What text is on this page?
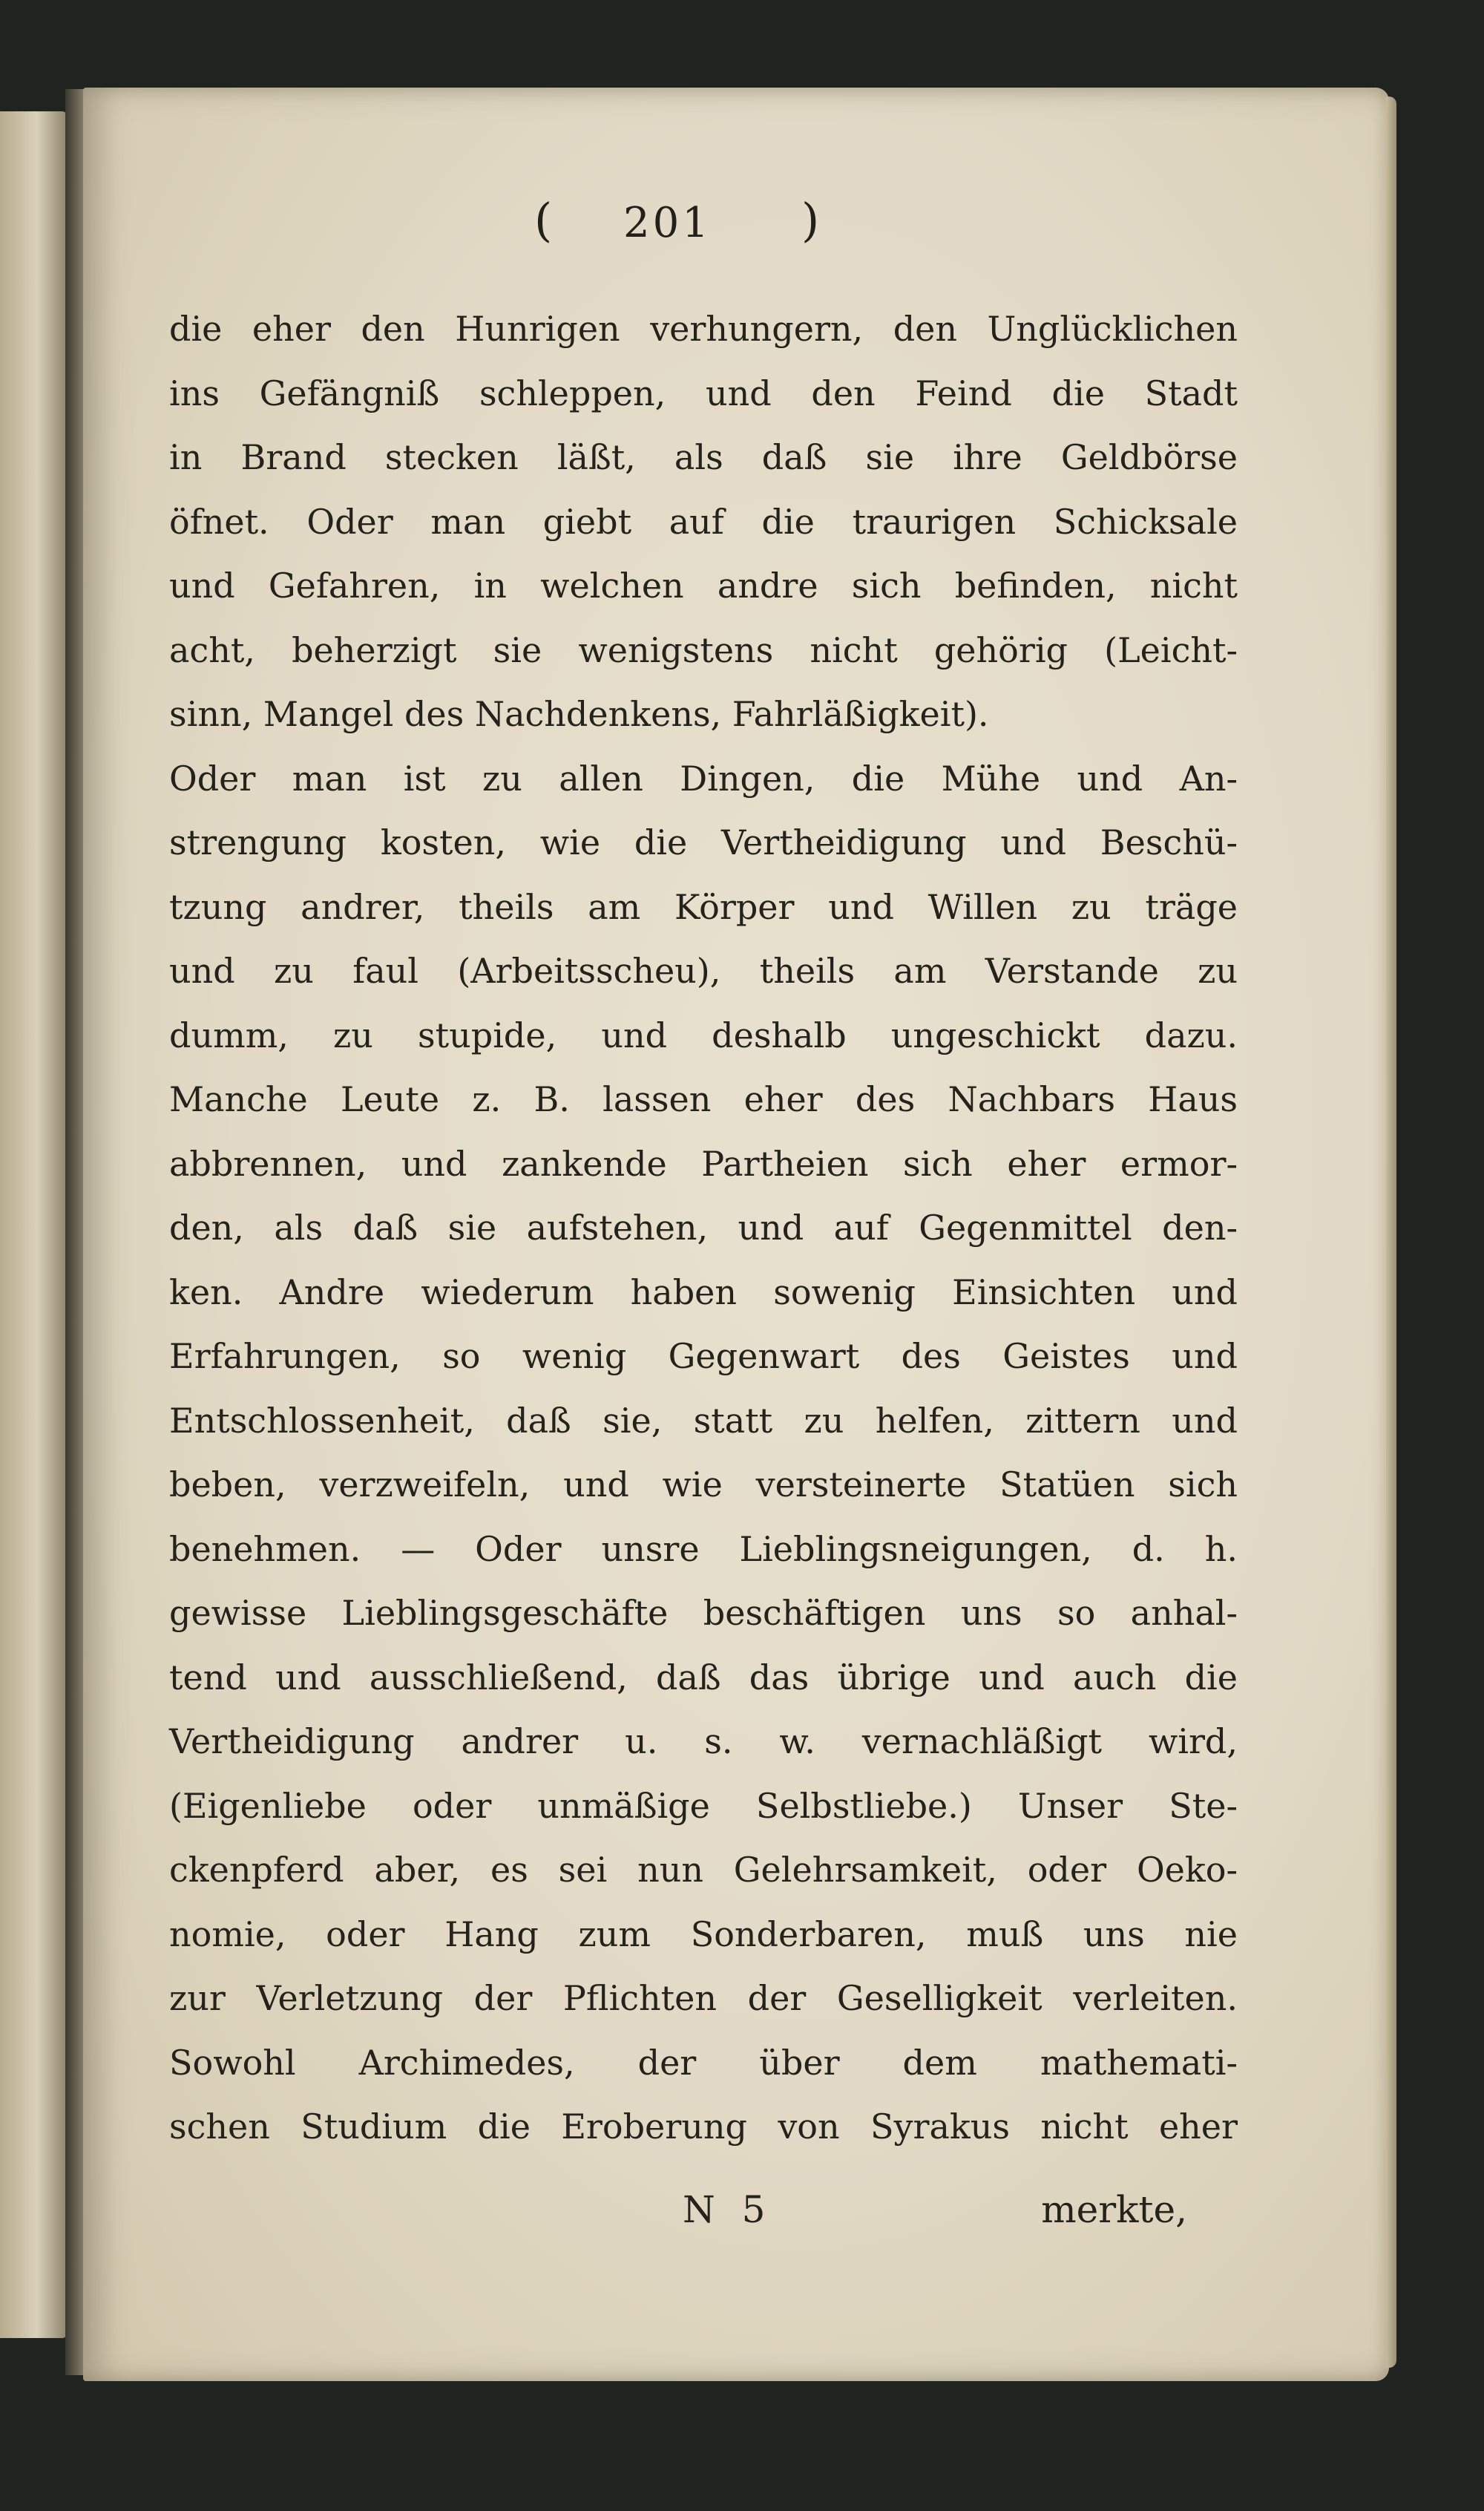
( 201 )
die eher den Hunrigen verhungern, den Unglücklichen
ins Gefängniß schleppen, und den Feind die Stadt
in Brand stecken läßt, als daß sie ihre Geldbörse
öfnet. Oder man giebt auf die traurigen Schicksale
und Gefahren, in welchen andre sich befinden, nicht
acht, beherzigt sie wenigstens nicht gehörig (Leicht-
sinn, Mangel des Nachdenkens, Fahrläßigkeit).
Oder man ist zu allen Dingen, die Mühe und An-
strengung kosten, wie die Vertheidigung und Beschü-
tzung andrer, theils am Körper und Willen zu träge
und zu faul (Arbeitsscheu), theils am Verstande zu
dumm, zu stupide, und deshalb ungeschickt dazu.
Manche Leute z. B. lassen eher des Nachbars Haus
abbrennen, und zankende Partheien sich eher ermor-
den, als daß sie aufstehen, und auf Gegenmittel den-
ken. Andre wiederum haben sowenig Einsichten und
Erfahrungen, so wenig Gegenwart des Geistes und
Entschlossenheit, daß sie, statt zu helfen, zittern und
beben, verzweifeln, und wie versteinerte Statüen sich
benehmen. — Oder unsre Lieblingsneigungen, d. h.
gewisse Lieblingsgeschäfte beschäftigen uns so anhal-
tend und ausschließend, daß das übrige und auch die
Vertheidigung andrer u. s. w. vernachläßigt wird,
(Eigenliebe oder unmäßige Selbstliebe.) Unser Ste-
ckenpferd aber, es sei nun Gelehrsamkeit, oder Oeko-
nomie, oder Hang zum Sonderbaren, muß uns nie
zur Verletzung der Pflichten der Geselligkeit verleiten.
Sowohl Archimedes, der über dem mathemati-
schen Studium die Eroberung von Syrakus nicht eher
N 5	merkte,
